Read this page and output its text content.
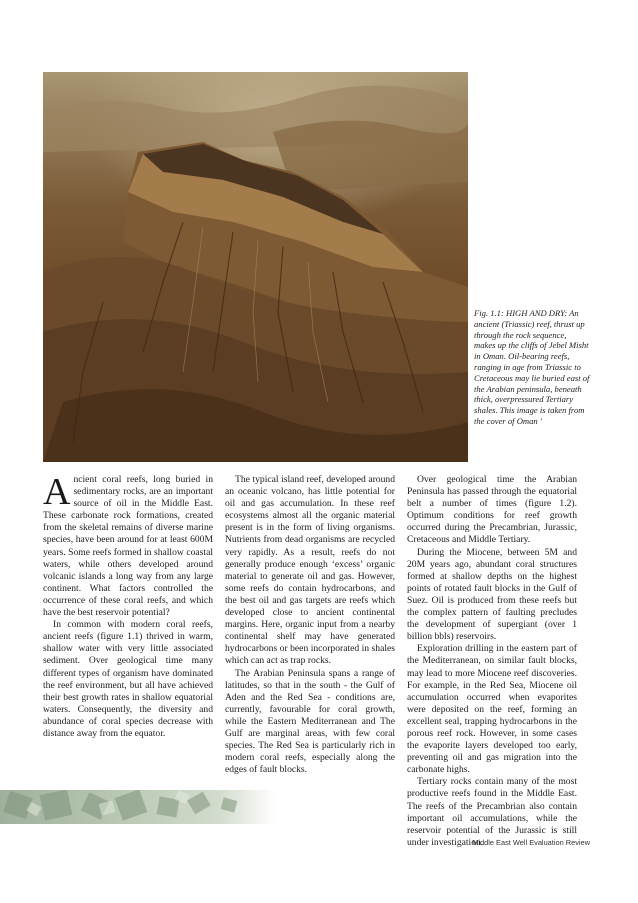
Fig. 1.1: HIGH AND DRY: An ancient (Triassic) reef, thrust up through the rock sequence, makes up the cliffs of Jebel Misht in Oman. Oil-bearing reefs, ranging in age from Triassic to Cretaceous may lie buried east of the Arabian peninsula, beneath thick, overpressured Tertiary shales. This image is taken from the cover of Oman '

Ancient coral reefs, long buried in sedimentary rocks, are an important source of oil in the Middle East. These carbonate rock formations, created from the skeletal remains of diverse marine species, have been around for at least 600M years. Some reefs formed in shallow coastal waters, while others developed around volcanic islands a long way from any large continent. What factors controlled the occurrence of these coral reefs, and which have the best reservoir potential?

In common with modern coral reefs, ancient reefs (figure 1.1) thrived in warm, shallow water with very little associated sediment. Over geological time many different types of organism have dominated the reef environment, but all have achieved their best growth rates in shallow equatorial waters. Consequently, the diversity and abundance of coral species decrease with distance away from the equator.

The typical island reef, developed around an oceanic volcano, has little potential for oil and gas accumulation. In these reef ecosystems almost all the organic material present is in the form of living organisms. Nutrients from dead organisms are recycled very rapidly. As a result, reefs do not generally produce enough ‘excess’ organic material to generate oil and gas. However, some reefs do contain hydrocarbons, and the best oil and gas targets are reefs which developed close to ancient continental margins. Here, organic input from a nearby continental shelf may have generated hydrocarbons or been incorporated in shales which can act as trap rocks.

The Arabian Peninsula spans a range of latitudes, so that in the south - the Gulf of Aden and the Red Sea - conditions are, currently, favourable for coral growth, while the Eastern Mediterranean and The Gulf are marginal areas, with few coral species. The Red Sea is particularly rich in modern coral reefs, especially along the edges of fault blocks.

Over geological time the Arabian Peninsula has passed through the equatorial belt a number of times (figure 1.2). Optimum conditions for reef growth occurred during the Precambrian, Jurassic, Cretaceous and Middle Tertiary.

During the Miocene, between 5M and 20M years ago, abundant coral structures formed at shallow depths on the highest points of rotated fault blocks in the Gulf of Suez. Oil is produced from these reefs but the complex pattern of faulting precludes the development of supergiant (over 1 billion bbls) reservoirs.

Exploration drilling in the eastern part of the Mediterranean, on similar fault blocks, may lead to more Miocene reef discoveries. For example, in the Red Sea, Miocene oil accumulation occurred when evaporites were deposited on the reef, forming an excellent seal, trapping hydrocarbons in the porous reef rock. However, in some cases the evaporite layers developed too early, preventing oil and gas migration into the carbonate highs.

Tertiary rocks contain many of the most productive reefs found in the Middle East. The reefs of the Precambrian also contain important oil accumulations, while the reservoir potential of the Jurassic is still under investigation.

Middle East Well Evaluation Review
